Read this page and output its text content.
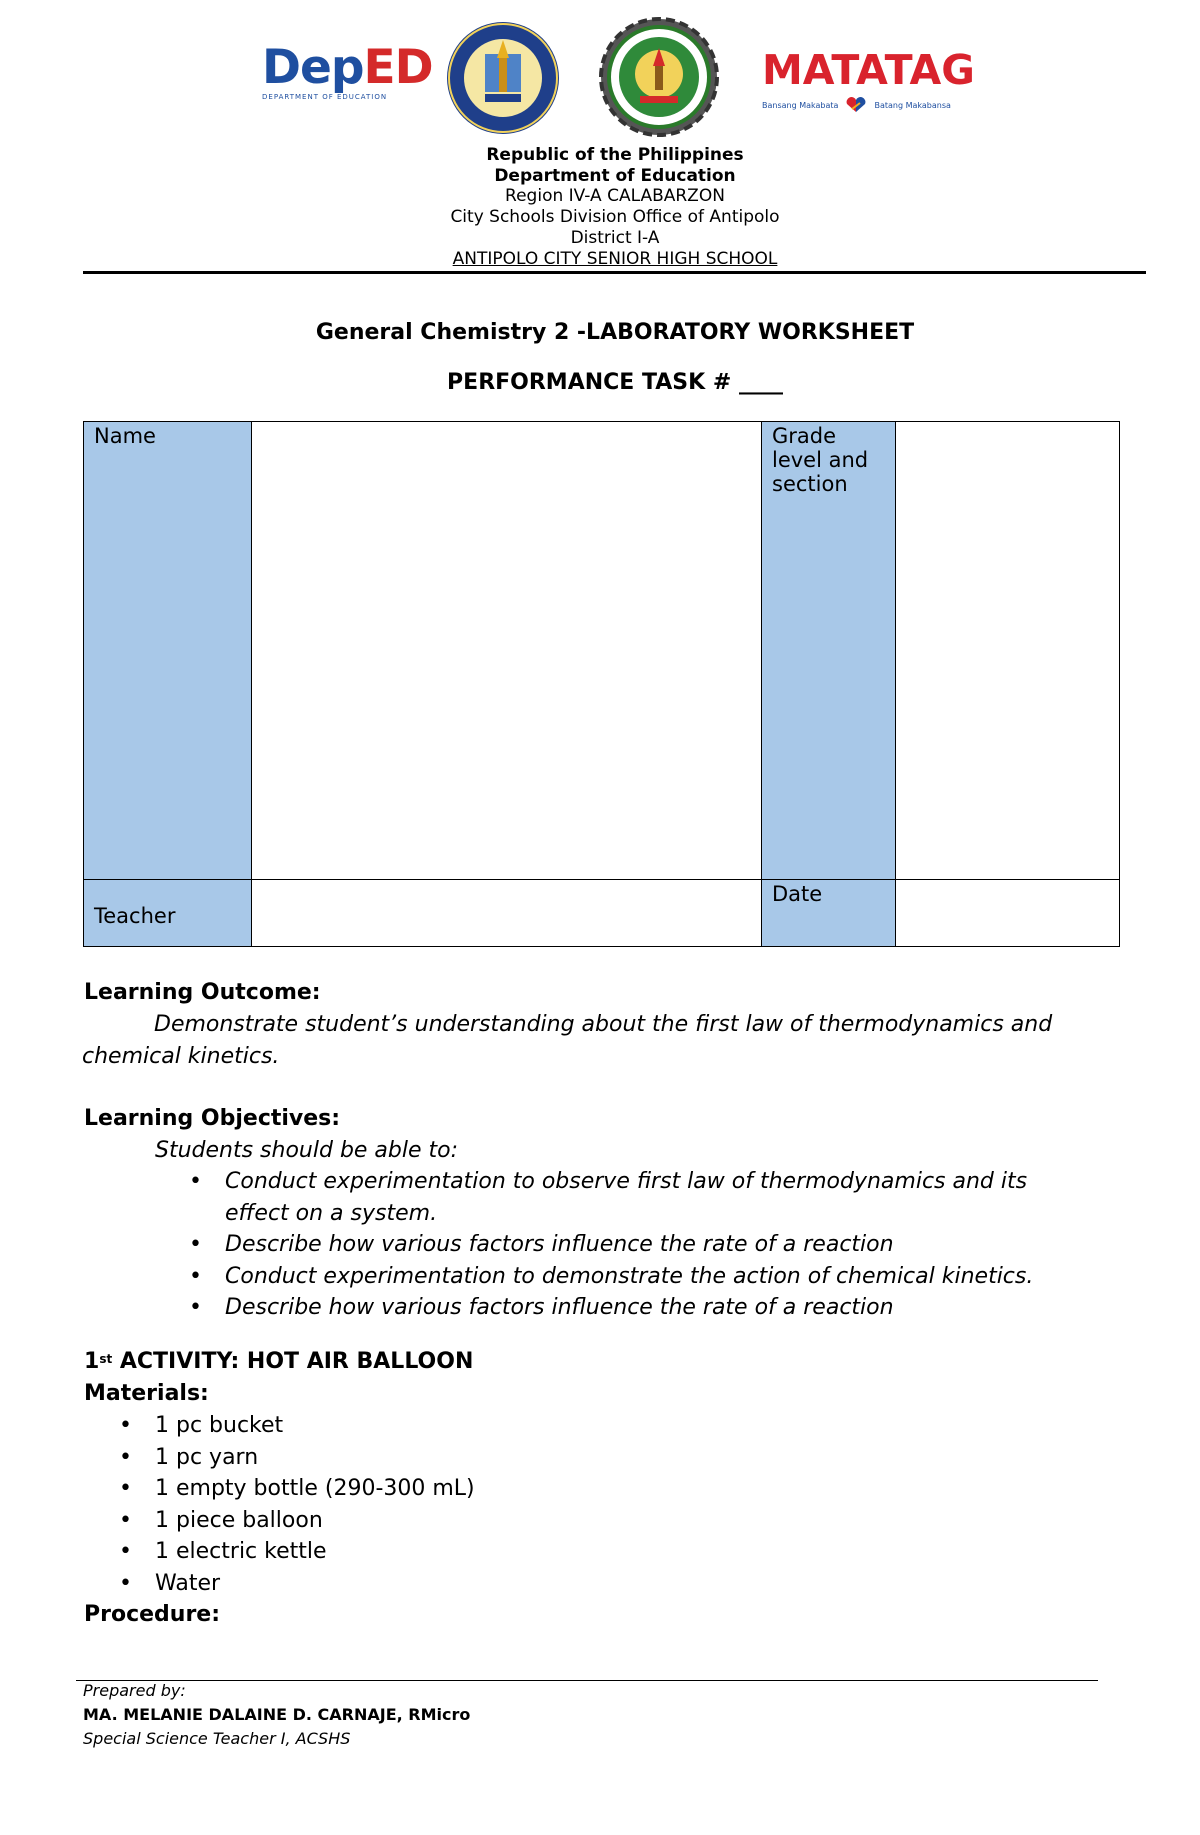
DepED
DEPARTMENT OF EDUCATION
MATATAG
Bansang Makabata	Batang Makabansa
Republic of the Philippines
Department of Education
Region IV-A CALABARZON
City Schools Division Office of Antipolo
District I-A
ANTIPOLO CITY SENIOR HIGH SCHOOL
General Chemistry 2 -LABORATORY WORKSHEET
PERFORMANCE TASK # ____
Name		Grade level and section	
Teacher		Date	
Learning Outcome:
Demonstrate student’s understanding about the first law of thermodynamics and
chemical kinetics.
Learning Objectives:
Students should be able to:
• Conduct experimentation to observe first law of thermodynamics and its
effect on a system.
• Describe how various factors influence the rate of a reaction
• Conduct experimentation to demonstrate the action of chemical kinetics.
• Describe how various factors influence the rate of a reaction
1st ACTIVITY: HOT AIR BALLOON
Materials:
• 1 pc bucket
• 1 pc yarn
• 1 empty bottle (290-300 mL)
• 1 piece balloon
• 1 electric kettle
• Water
Procedure:
Prepared by:
MA. MELANIE DALAINE D. CARNAJE, RMicro
Special Science Teacher I, ACSHS
